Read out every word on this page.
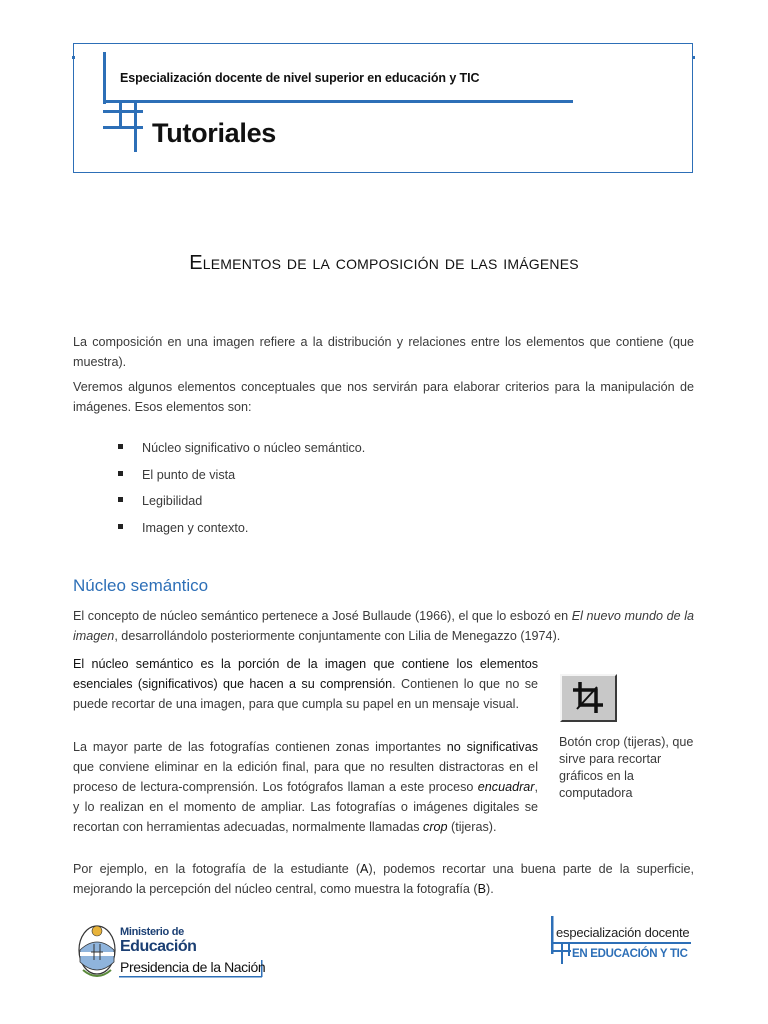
Especialización docente de nivel superior en educación y TIC
Tutoriales
Elementos de la composición de las imágenes

La composición en una imagen refiere a la distribución y relaciones entre los elementos que contiene (que muestra).

Veremos algunos elementos conceptuales que nos servirán para elaborar criterios para la manipulación de imágenes. Esos elementos son:

Núcleo significativo o núcleo semántico.
El punto de vista
Legibilidad
Imagen y contexto.
Núcleo semántico

El concepto de núcleo semántico pertenece a José Bullaude (1966), el que lo esbozó en El nuevo mundo de la imagen, desarrollándolo posteriormente conjuntamente con Lilia de Menegazzo (1974).

El núcleo semántico es la porción de la imagen que contiene los elementos esenciales (significativos) que hacen a su comprensión. Contienen lo que no se puede recortar de una imagen, para que cumpla su papel en un mensaje visual.

La mayor parte de las fotografías contienen zonas importantes no significativas que conviene eliminar en la edición final, para que no resulten distractoras en el proceso de lectura-comprensión. Los fotógrafos llaman a este proceso encuadrar, y lo realizan en el momento de ampliar. Las fotografías o imágenes digitales se recortan con herramientas adecuadas, normalmente llamadas crop (tijeras).

Por ejemplo, en la fotografía de la estudiante (A), podemos recortar una buena parte de la superficie, mejorando la percepción del núcleo central, como muestra la fotografía (B).

Botón crop (tijeras), que sirve para recortar gráficos en la computadora
Ministerio de
Educación
Presidencia de la Nación
especialización docente
EN EDUCACIÓN Y TIC
